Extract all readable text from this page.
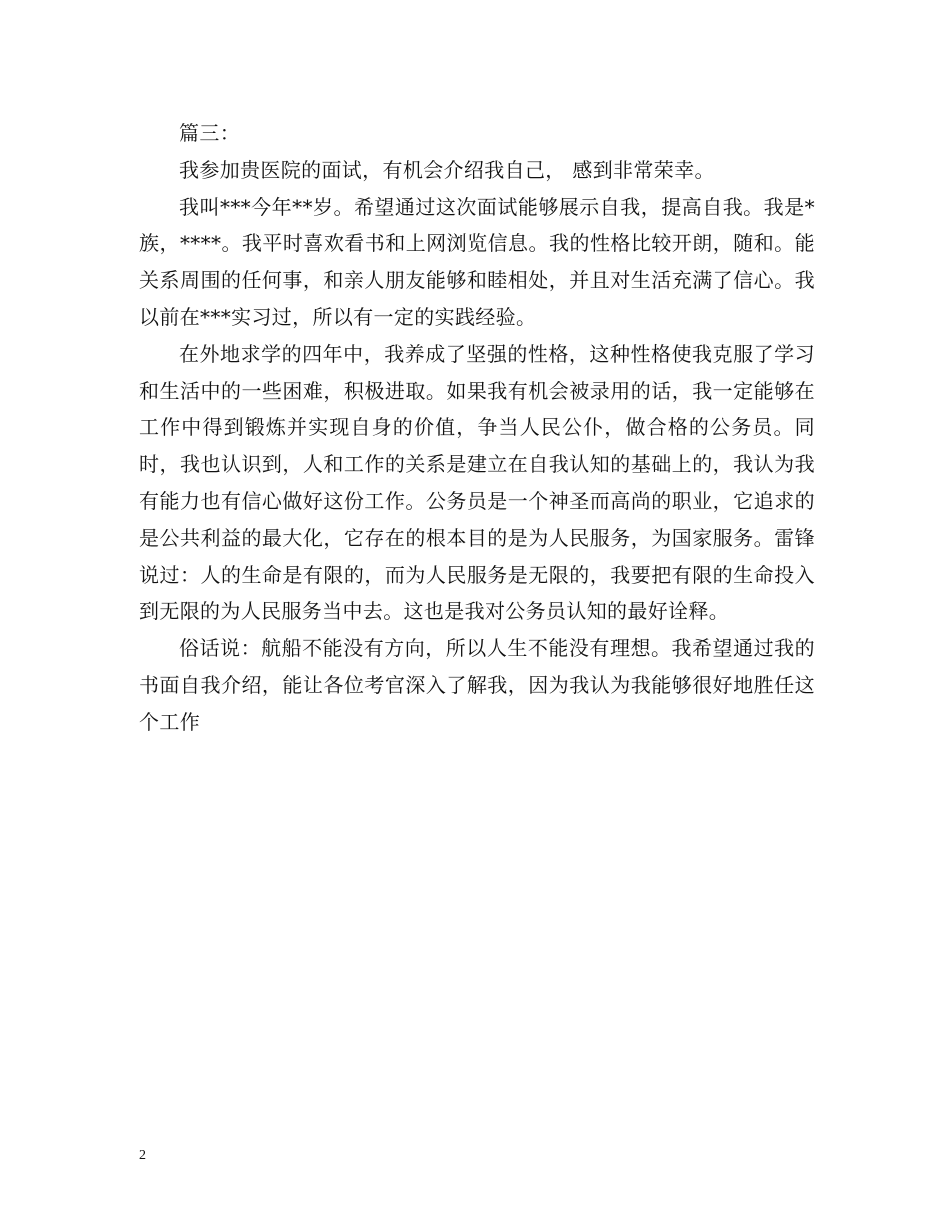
篇三：

我参加贵医院的面试，有机会介绍我自己， 感到非常荣幸。

我叫***今年**岁。希望通过这次面试能够展示自我，提高自我。我是*族，****。我平时喜欢看书和上网浏览信息。我的性格比较开朗，随和。能关系周围的任何事，和亲人朋友能够和睦相处，并且对生活充满了信心。我以前在***实习过，所以有一定的实践经验。

在外地求学的四年中，我养成了坚强的性格，这种性格使我克服了学习和生活中的一些困难，积极进取。如果我有机会被录用的话，我一定能够在工作中得到锻炼并实现自身的价值，争当人民公仆，做合格的公务员。同时，我也认识到，人和工作的关系是建立在自我认知的基础上的，我认为我有能力也有信心做好这份工作。公务员是一个神圣而高尚的职业，它追求的是公共利益的最大化，它存在的根本目的是为人民服务，为国家服务。雷锋说过：人的生命是有限的，而为人民服务是无限的，我要把有限的生命投入到无限的为人民服务当中去。这也是我对公务员认知的最好诠释。

俗话说：航船不能没有方向，所以人生不能没有理想。我希望通过我的书面自我介绍，能让各位考官深入了解我，因为我认为我能够很好地胜任这个工作

2
